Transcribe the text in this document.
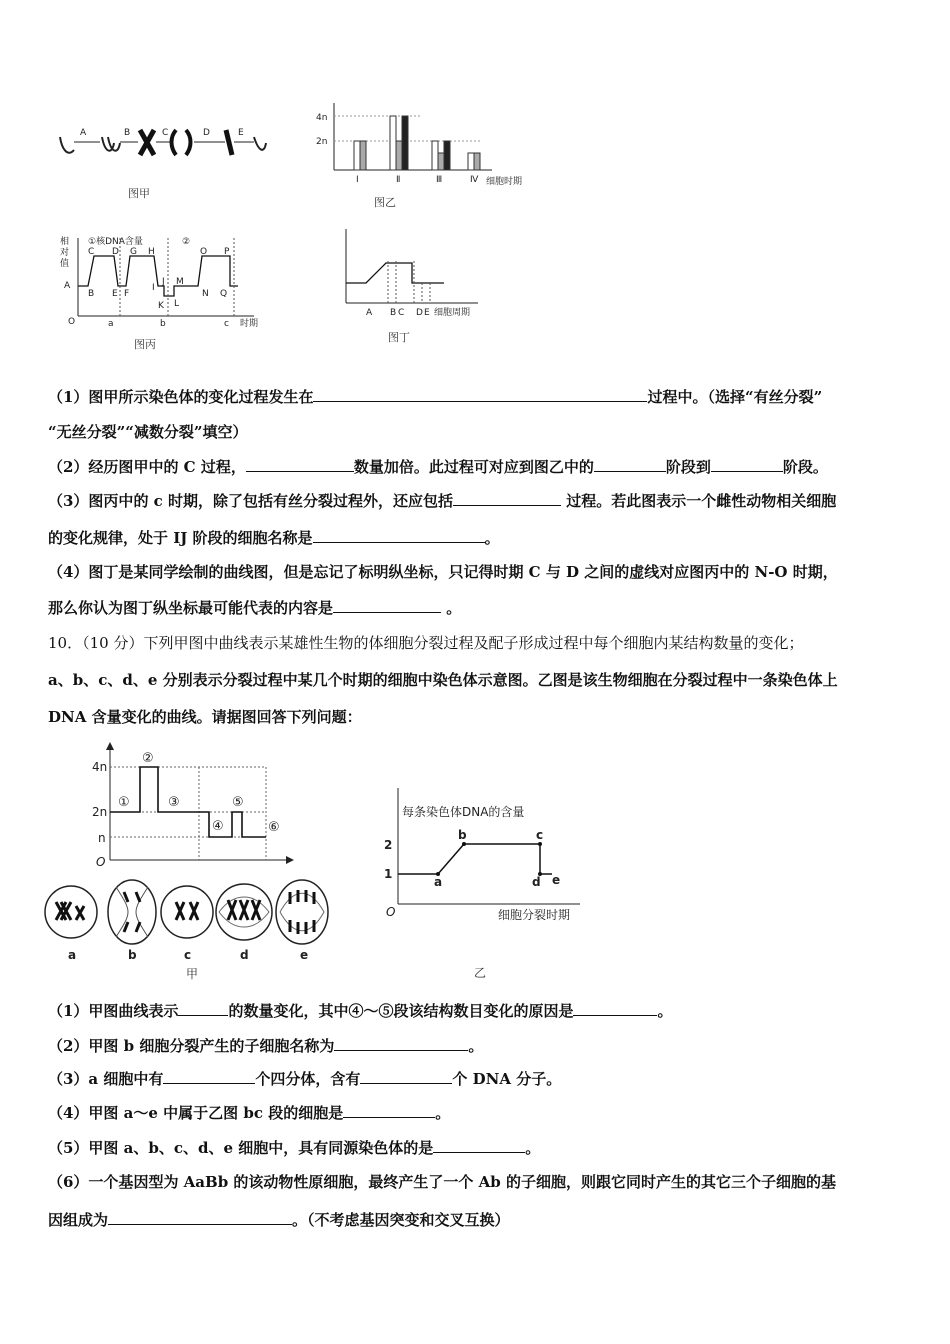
A	B	C	D	E
图甲
4n
2n
Ⅰ	Ⅱ	Ⅲ	Ⅳ 细胞时期
图乙
相
对
值
O
①核DNA含量	②
A
B
C D
E F
G H
I
J
K L
M
N
O P
Q
a	b	c 时期
图丙
A B C D E 细胞周期
图丁
（1）图甲所示染色体的变化过程发生在	过程中。（选择“有丝分裂”
“无丝分裂”“减数分裂”填空）
（2）经历图甲中的 C 过程，	数量加倍。此过程可对应到图乙中的	阶段到	阶段。
（3）图丙中的 c 时期，除了包括有丝分裂过程外，还应包括	过程。若此图表示一个雌性动物相关细胞
的变化规律，处于 IJ 阶段的细胞名称是	。
（4）图丁是某同学绘制的曲线图，但是忘记了标明纵坐标，只记得时期 C 与 D 之间的虚线对应图丙中的 N-O 时期，
那么你认为图丁纵坐标最可能代表的内容是	。
10．（10 分）下列甲图中曲线表示某雄性生物的体细胞分裂过程及配子形成过程中每个细胞内某结构数量的变化；
a、b、c、d、e 分别表示分裂过程中某几个时期的细胞中染色体示意图。乙图是该生物细胞在分裂过程中一条染色体上
DNA 含量变化的曲线。请据图回答下列问题：
4n
2n
n
O
①
②
③
④
⑤
⑥
a	b	c	d	e
甲
每条染色体DNA的含量
2
1
O
a
b	c
d e
细胞分裂时期
乙
（1）甲图曲线表示	的数量变化，其中④～⑤段该结构数目变化的原因是	。
（2）甲图 b 细胞分裂产生的子细胞名称为	。
（3）a 细胞中有	个四分体，含有	个 DNA 分子。
（4）甲图 a～e 中属于乙图 bc 段的细胞是	。
（5）甲图 a、b、c、d、e 细胞中，具有同源染色体的是	。
（6）一个基因型为 AaBb 的该动物性原细胞，最终产生了一个 Ab 的子细胞，则跟它同时产生的其它三个子细胞的基
因组成为	。（不考虑基因突变和交叉互换）
